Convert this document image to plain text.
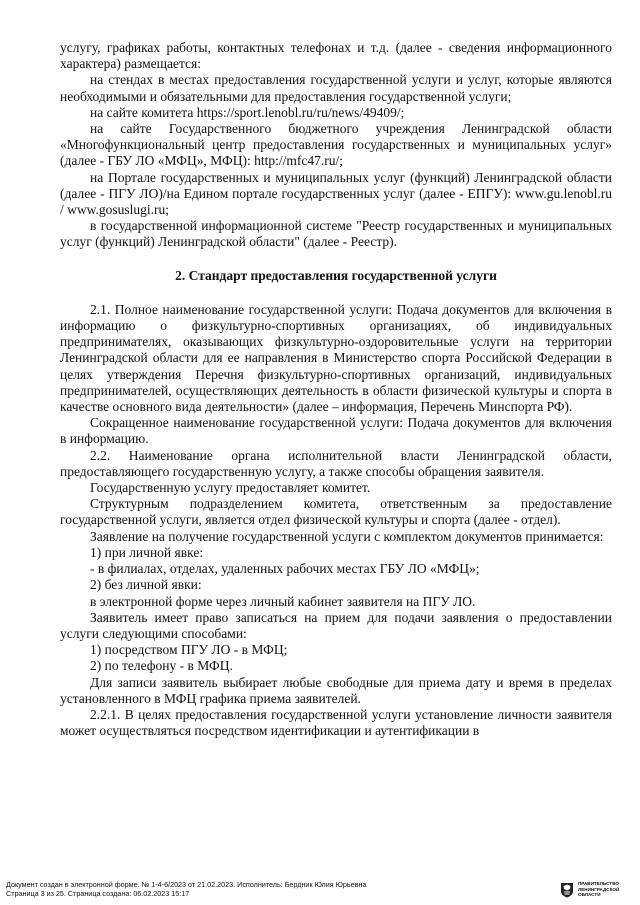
услугу, графиках работы, контактных телефонах и т.д. (далее - сведения информационного характера) размещается:

на стендах в местах предоставления государственной услуги и услуг, которые являются необходимыми и обязательными для предоставления государственной услуги;

на сайте комитета https://sport.lenobl.ru/ru/news/49409/;

на сайте Государственного бюджетного учреждения Ленинградской области «Многофункциональный центр предоставления государственных и муниципальных услуг» (далее - ГБУ ЛО «МФЦ», МФЦ): http://mfc47.ru/;

на Портале государственных и муниципальных услуг (функций) Ленинградской области (далее - ПГУ ЛО)/на Едином портале государственных услуг (далее - ЕПГУ): www.gu.lenobl.ru / www.gosuslugi.ru;

в государственной информационной системе "Реестр государственных и муниципальных услуг (функций) Ленинградской области" (далее - Реестр).

2. Стандарт предоставления государственной услуги

2.1. Полное наименование государственной услуги: Подача документов для включения в информацию о физкультурно-спортивных организациях, об индивидуальных предпринимателях, оказывающих физкультурно-оздоровительные услуги на территории Ленинградской области для ее направления в Министерство спорта Российской Федерации в целях утверждения Перечня физкультурно-спортивных организаций, индивидуальных предпринимателей, осуществляющих деятельность в области физической культуры и спорта в качестве основного вида деятельности» (далее – информация, Перечень Минспорта РФ).

Сокращенное наименование государственной услуги: Подача документов для включения в информацию.

2.2. Наименование органа исполнительной власти Ленинградской области, предоставляющего государственную услугу, а также способы обращения заявителя.

Государственную услугу предоставляет комитет.

Структурным подразделением комитета, ответственным за предоставление государственной услуги, является отдел физической культуры и спорта (далее - отдел).

Заявление на получение государственной услуги с комплектом документов принимается:

1) при личной явке:

- в филиалах, отделах, удаленных рабочих местах ГБУ ЛО «МФЦ»;

2) без личной явки:

в электронной форме через личный кабинет заявителя на ПГУ ЛО.

Заявитель имеет право записаться на прием для подачи заявления о предоставлении услуги следующими способами:

1) посредством ПГУ ЛО - в МФЦ;

2) по телефону - в МФЦ.

Для записи заявитель выбирает любые свободные для приема дату и время в пределах установленного в МФЦ графика приема заявителей.

2.2.1. В целях предоставления государственной услуги установление личности заявителя может осуществляться посредством идентификации и аутентификации в

Документ создан в электронной форме. № 1-4-6/2023 от 21.02.2023. Исполнитель: Бердник Юлия Юрьевна
Страница 3 из 25. Страница создана: 06.02.2023 15:17
ПРАВИТЕЛЬСТВО
ЛЕНИНГРАДСКОЙ
ОБЛАСТИ
